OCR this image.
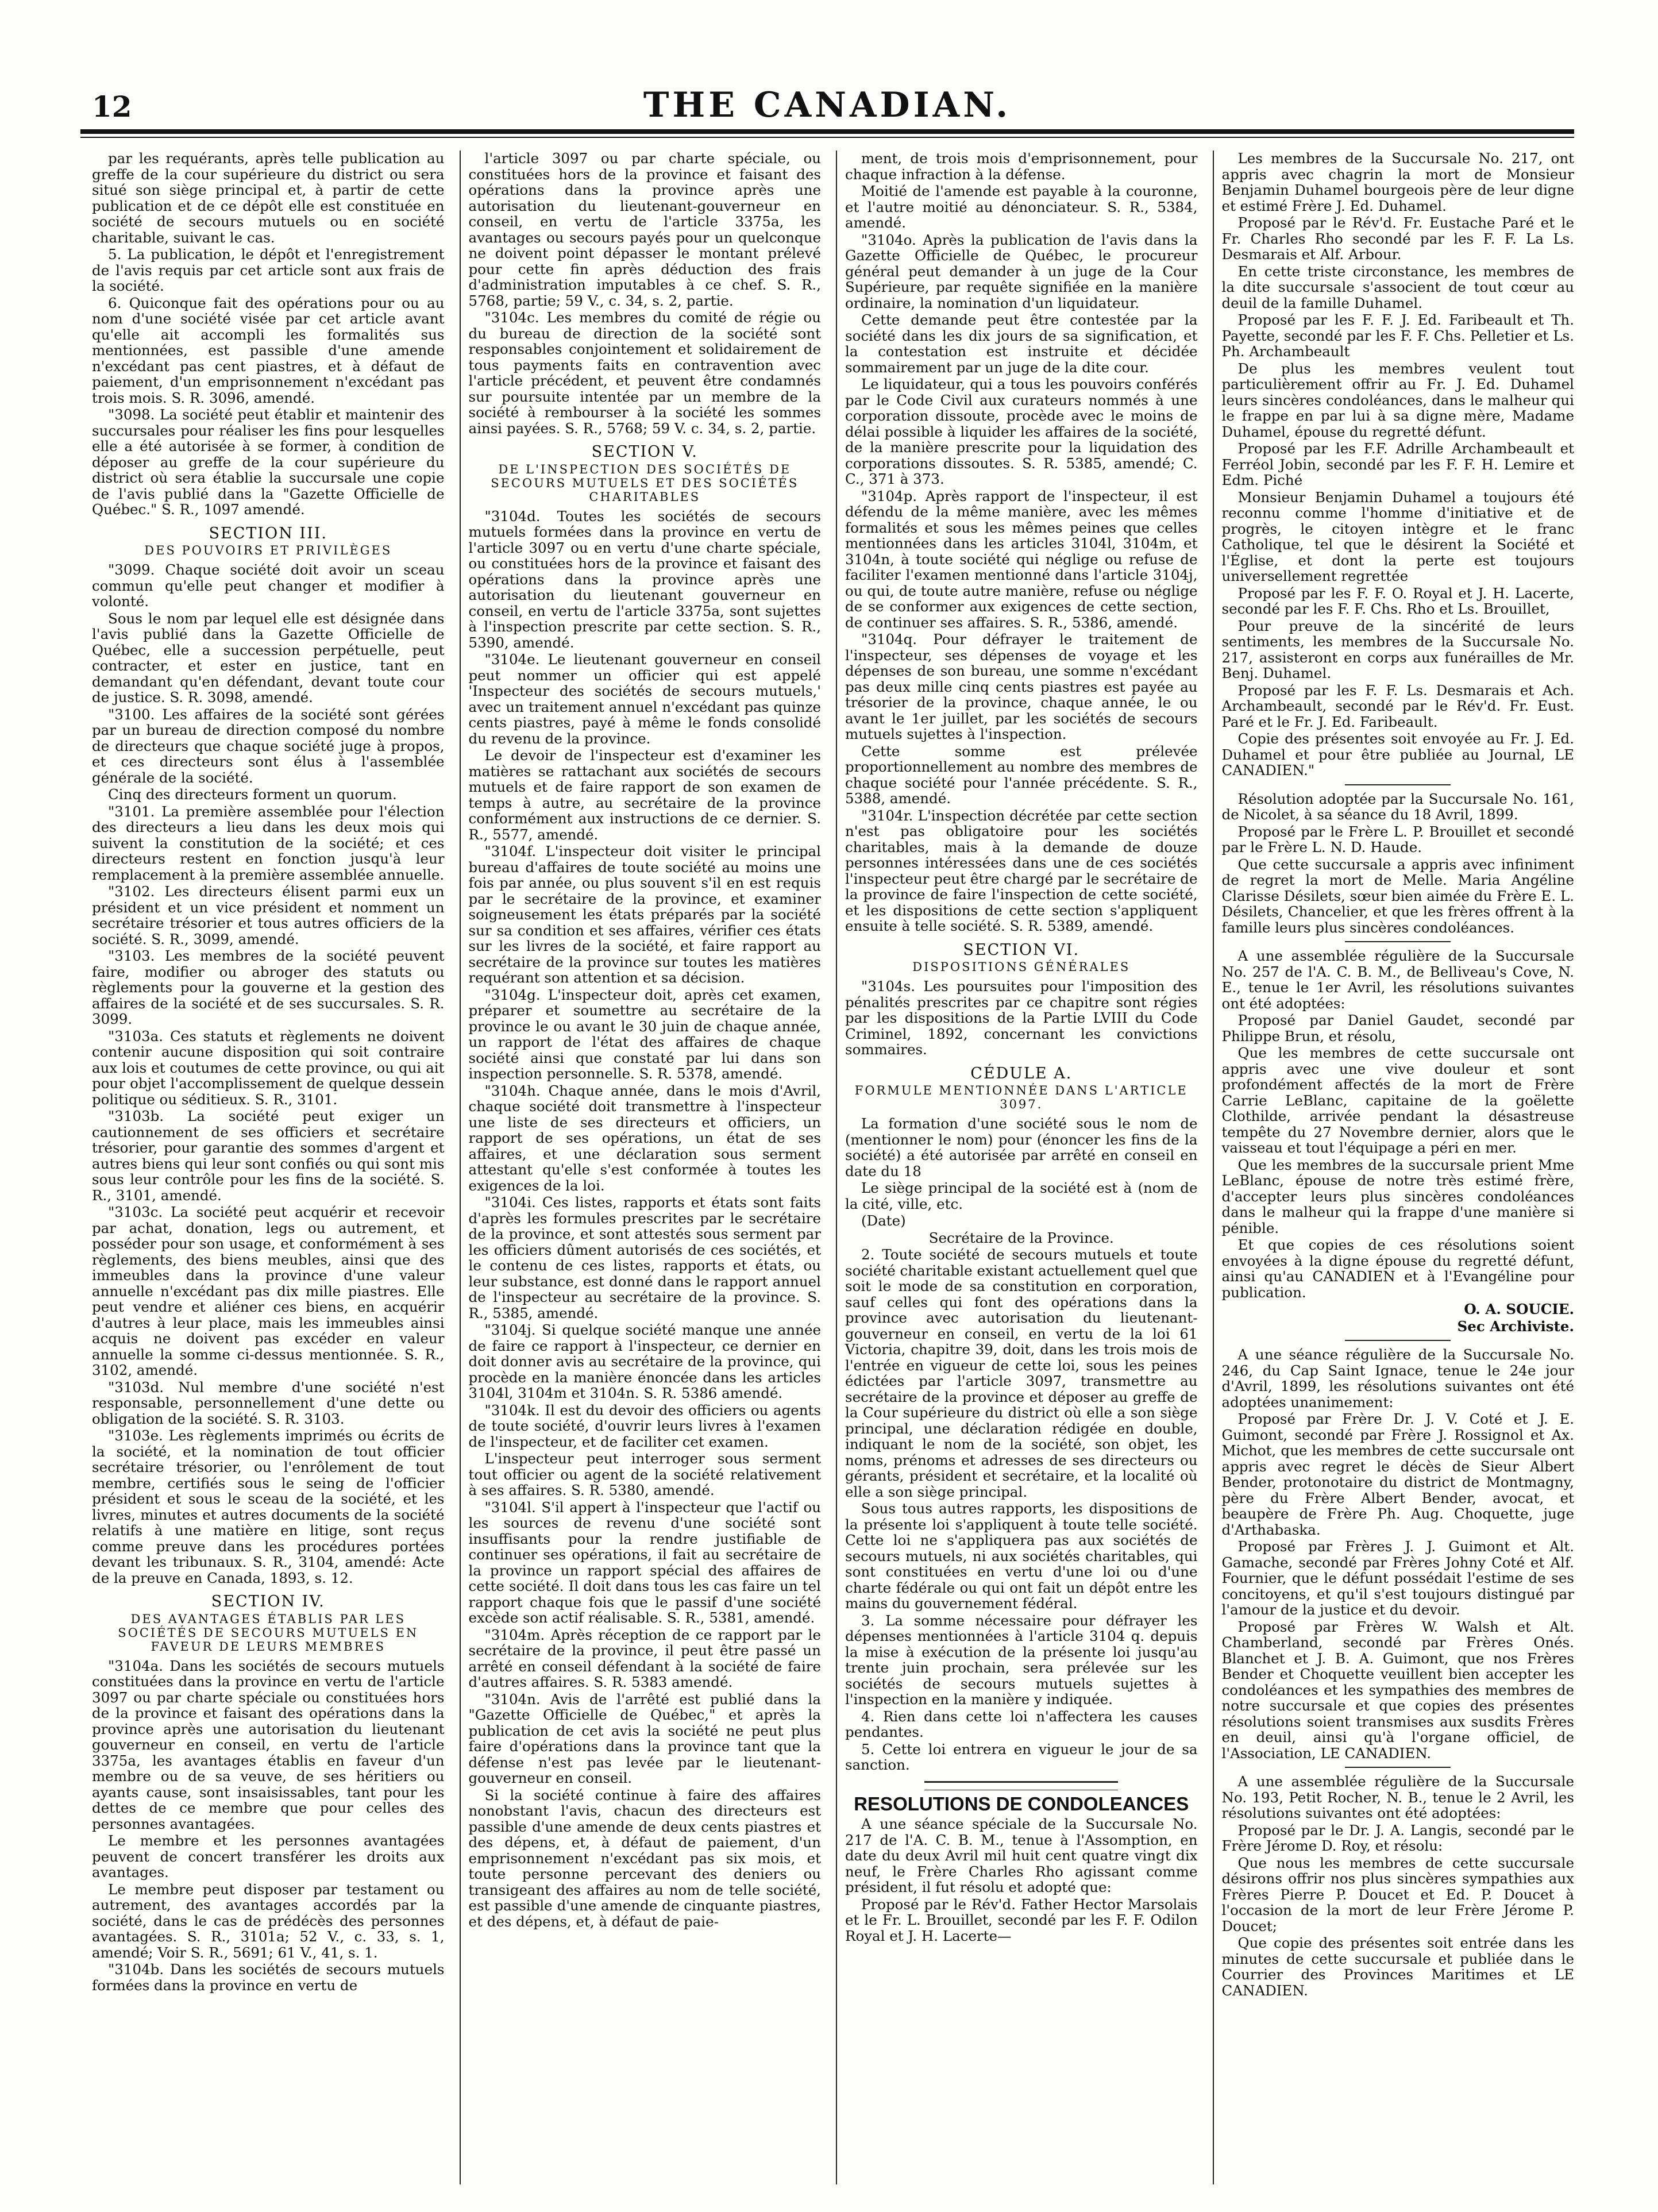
12	THE CANADIAN.

par les requérants, après telle publication au greffe de la cour supérieure du district ou sera situé son siège principal et, à partir de cette publication et de ce dépôt elle est constituée en société de secours mutuels ou en société charitable, suivant le cas.

5. La publication, le dépôt et l'enregistrement de l'avis requis par cet article sont aux frais de la société.

6. Quiconque fait des opérations pour ou au nom d'une société visée par cet article avant qu'elle ait accompli les formalités sus mentionnées, est passible d'une amende n'excédant pas cent piastres, et à défaut de paiement, d'un emprisonnement n'excédant pas trois mois. S. R. 3096, amendé.

"3098. La société peut établir et maintenir des succursales pour réaliser les fins pour lesquelles elle a été autorisée à se former, à condition de déposer au greffe de la cour supérieure du district où sera établie la succursale une copie de l'avis publié dans la "Gazette Officielle de Québec." S. R., 1097 amendé.

SECTION III.
DES POUVOIRS ET PRIVILÈGES

"3099. Chaque société doit avoir un sceau commun qu'elle peut changer et modifier à volonté.

Sous le nom par lequel elle est désignée dans l'avis publié dans la Gazette Officielle de Québec, elle a succession perpétuelle, peut contracter, et ester en justice, tant en demandant qu'en défendant, devant toute cour de justice. S. R. 3098, amendé.

"3100. Les affaires de la société sont gérées par un bureau de direction composé du nombre de directeurs que chaque société juge à propos, et ces directeurs sont élus à l'assemblée générale de la société.

Cinq des directeurs forment un quorum.

"3101. La première assemblée pour l'élection des directeurs a lieu dans les deux mois qui suivent la constitution de la société; et ces directeurs restent en fonction jusqu'à leur remplacement à la première assemblée annuelle.

"3102. Les directeurs élisent parmi eux un président et un vice président et nomment un secrétaire trésorier et tous autres officiers de la société. S. R., 3099, amendé.

"3103. Les membres de la société peuvent faire, modifier ou abroger des statuts ou règlements pour la gouverne et la gestion des affaires de la société et de ses succursales. S. R. 3099.

"3103a. Ces statuts et règlements ne doivent contenir aucune disposition qui soit contraire aux lois et coutumes de cette province, ou qui ait pour objet l'accomplissement de quelque dessein politique ou séditieux. S. R., 3101.

"3103b. La société peut exiger un cautionnement de ses officiers et secrétaire trésorier, pour garantie des sommes d'argent et autres biens qui leur sont confiés ou qui sont mis sous leur contrôle pour les fins de la société. S. R., 3101, amendé.

"3103c. La société peut acquérir et recevoir par achat, donation, legs ou autrement, et posséder pour son usage, et conformément à ses règlements, des biens meubles, ainsi que des immeubles dans la province d'une valeur annuelle n'excédant pas dix mille piastres. Elle peut vendre et aliéner ces biens, en acquérir d'autres à leur place, mais les immeubles ainsi acquis ne doivent pas excéder en valeur annuelle la somme ci-dessus mentionnée. S. R., 3102, amendé.

"3103d. Nul membre d'une société n'est responsable, personnellement d'une dette ou obligation de la société. S. R. 3103.

"3103e. Les règlements imprimés ou écrits de la société, et la nomination de tout officier secrétaire trésorier, ou l'enrôlement de tout membre, certifiés sous le seing de l'officier président et sous le sceau de la société, et les livres, minutes et autres documents de la société relatifs à une matière en litige, sont reçus comme preuve dans les procédures portées devant les tribunaux. S. R., 3104, amendé: Acte de la preuve en Canada, 1893, s. 12.

SECTION IV.
DES AVANTAGES ÉTABLIS PAR LES SOCIÉTÉS DE SECOURS MUTUELS EN FAVEUR DE LEURS MEMBRES

"3104a. Dans les sociétés de secours mutuels constituées dans la province en vertu de l'article 3097 ou par charte spéciale ou constituées hors de la province et faisant des opérations dans la province après une autorisation du lieutenant gouverneur en conseil, en vertu de l'article 3375a, les avantages établis en faveur d'un membre ou de sa veuve, de ses héritiers ou ayants cause, sont insaisissables, tant pour les dettes de ce membre que pour celles des personnes avantagées.

Le membre et les personnes avantagées peuvent de concert transférer les droits aux avantages.

Le membre peut disposer par testament ou autrement, des avantages accordés par la société, dans le cas de prédécès des personnes avantagées. S. R., 3101a; 52 V., c. 33, s. 1, amendé; Voir S. R., 5691; 61 V., 41, s. 1.

"3104b. Dans les sociétés de secours mutuels formées dans la province en vertu de

l'article 3097 ou par charte spéciale, ou constituées hors de la province et faisant des opérations dans la province après une autorisation du lieutenant-gouverneur en conseil, en vertu de l'article 3375a, les avantages ou secours payés pour un quelconque ne doivent point dépasser le montant prélevé pour cette fin après déduction des frais d'administration imputables à ce chef. S. R., 5768, partie; 59 V., c. 34, s. 2, partie.

"3104c. Les membres du comité de régie ou du bureau de direction de la société sont responsables conjointement et solidairement de tous payments faits en contravention avec l'article précédent, et peuvent être condamnés sur poursuite intentée par un membre de la société à rembourser à la société les sommes ainsi payées. S. R., 5768; 59 V. c. 34, s. 2, partie.

SECTION V.
DE L'INSPECTION DES SOCIÉTÉS DE SECOURS MUTUELS ET DES SOCIÉTÉS CHARITABLES

"3104d. Toutes les sociétés de secours mutuels formées dans la province en vertu de l'article 3097 ou en vertu d'une charte spéciale, ou constituées hors de la province et faisant des opérations dans la province après une autorisation du lieutenant gouverneur en conseil, en vertu de l'article 3375a, sont sujettes à l'inspection prescrite par cette section. S. R., 5390, amendé.

"3104e. Le lieutenant gouverneur en conseil peut nommer un officier qui est appelé 'Inspecteur des sociétés de secours mutuels,' avec un traitement annuel n'excédant pas quinze cents piastres, payé à même le fonds consolidé du revenu de la province.

Le devoir de l'inspecteur est d'examiner les matières se rattachant aux sociétés de secours mutuels et de faire rapport de son examen de temps à autre, au secrétaire de la province conformément aux instructions de ce dernier. S. R., 5577, amendé.

"3104f. L'inspecteur doit visiter le principal bureau d'affaires de toute société au moins une fois par année, ou plus souvent s'il en est requis par le secrétaire de la province, et examiner soigneusement les états préparés par la société sur sa condition et ses affaires, vérifier ces états sur les livres de la société, et faire rapport au secrétaire de la province sur toutes les matières requérant son attention et sa décision.

"3104g. L'inspecteur doit, après cet examen, préparer et soumettre au secrétaire de la province le ou avant le 30 juin de chaque année, un rapport de l'état des affaires de chaque société ainsi que constaté par lui dans son inspection personnelle. S. R. 5378, amendé.

"3104h. Chaque année, dans le mois d'Avril, chaque société doit transmettre à l'inspecteur une liste de ses directeurs et officiers, un rapport de ses opérations, un état de ses affaires, et une déclaration sous serment attestant qu'elle s'est conformée à toutes les exigences de la loi.

"3104i. Ces listes, rapports et états sont faits d'après les formules prescrites par le secrétaire de la province, et sont attestés sous serment par les officiers dûment autorisés de ces sociétés, et le contenu de ces listes, rapports et états, ou leur substance, est donné dans le rapport annuel de l'inspecteur au secrétaire de la province. S. R., 5385, amendé.

"3104j. Si quelque société manque une année de faire ce rapport à l'inspecteur, ce dernier en doit donner avis au secrétaire de la province, qui procède en la manière énoncée dans les articles 3104l, 3104m et 3104n. S. R. 5386 amendé.

"3104k. Il est du devoir des officiers ou agents de toute société, d'ouvrir leurs livres à l'examen de l'inspecteur, et de faciliter cet examen.

L'inspecteur peut interroger sous serment tout officier ou agent de la société relativement à ses affaires. S. R. 5380, amendé.

"3104l. S'il appert à l'inspecteur que l'actif ou les sources de revenu d'une société sont insuffisants pour la rendre justifiable de continuer ses opérations, il fait au secrétaire de la province un rapport spécial des affaires de cette société. Il doit dans tous les cas faire un tel rapport chaque fois que le passif d'une société excède son actif réalisable. S. R., 5381, amendé.

"3104m. Après réception de ce rapport par le secrétaire de la province, il peut être passé un arrêté en conseil défendant à la société de faire d'autres affaires. S. R. 5383 amendé.

"3104n. Avis de l'arrêté est publié dans la "Gazette Officielle de Québec," et après la publication de cet avis la société ne peut plus faire d'opérations dans la province tant que la défense n'est pas levée par le lieutenant-gouverneur en conseil.

Si la société continue à faire des affaires nonobstant l'avis, chacun des directeurs est passible d'une amende de deux cents piastres et des dépens, et, à défaut de paiement, d'un emprisonnement n'excédant pas six mois, et toute personne percevant des deniers ou transigeant des affaires au nom de telle société, est passible d'une amende de cinquante piastres, et des dépens, et, à défaut de paie-

ment, de trois mois d'emprisonnement, pour chaque infraction à la défense.

Moitié de l'amende est payable à la couronne, et l'autre moitié au dénonciateur. S. R., 5384, amendé.

"3104o. Après la publication de l'avis dans la Gazette Officielle de Québec, le procureur général peut demander à un juge de la Cour Supérieure, par requête signifiée en la manière ordinaire, la nomination d'un liquidateur.

Cette demande peut être contestée par la société dans les dix jours de sa signification, et la contestation est instruite et décidée sommairement par un juge de la dite cour.

Le liquidateur, qui a tous les pouvoirs conférés par le Code Civil aux curateurs nommés à une corporation dissoute, procède avec le moins de délai possible à liquider les affaires de la société, de la manière prescrite pour la liquidation des corporations dissoutes. S. R. 5385, amendé; C. C., 371 à 373.

"3104p. Après rapport de l'inspecteur, il est défendu de la même manière, avec les mêmes formalités et sous les mêmes peines que celles mentionnées dans les articles 3104l, 3104m, et 3104n, à toute société qui néglige ou refuse de faciliter l'examen mentionné dans l'article 3104j, ou qui, de toute autre manière, refuse ou néglige de se conformer aux exigences de cette section, de continuer ses affaires. S. R., 5386, amendé.

"3104q. Pour défrayer le traitement de l'inspecteur, ses dépenses de voyage et les dépenses de son bureau, une somme n'excédant pas deux mille cinq cents piastres est payée au trésorier de la province, chaque année, le ou avant le 1er juillet, par les sociétés de secours mutuels sujettes à l'inspection.

Cette somme est prélevée proportionnellement au nombre des membres de chaque société pour l'année précédente. S. R., 5388, amendé.

"3104r. L'inspection décrétée par cette section n'est pas obligatoire pour les sociétés charitables, mais à la demande de douze personnes intéressées dans une de ces sociétés l'inspecteur peut être chargé par le secrétaire de la province de faire l'inspection de cette société, et les dispositions de cette section s'appliquent ensuite à telle société. S. R. 5389, amendé.

SECTION VI.
DISPOSITIONS GÉNÉRALES

"3104s. Les poursuites pour l'imposition des pénalités prescrites par ce chapitre sont régies par les dispositions de la Partie LVIII du Code Criminel, 1892, concernant les convictions sommaires.

CÉDULE A.
FORMULE MENTIONNÉE DANS L'ARTICLE 3097.

La formation d'une société sous le nom de (mentionner le nom) pour (énoncer les fins de la société) a été autorisée par arrêté en conseil en date du 18

Le siège principal de la société est à (nom de la cité, ville, etc.

(Date)

Secrétaire de la Province.

2. Toute société de secours mutuels et toute société charitable existant actuellement quel que soit le mode de sa constitution en corporation, sauf celles qui font des opérations dans la province avec autorisation du lieutenant-gouverneur en conseil, en vertu de la loi 61 Victoria, chapitre 39, doit, dans les trois mois de l'entrée en vigueur de cette loi, sous les peines édictées par l'article 3097, transmettre au secrétaire de la province et déposer au greffe de la Cour supérieure du district où elle a son siège principal, une déclaration rédigée en double, indiquant le nom de la société, son objet, les noms, prénoms et adresses de ses directeurs ou gérants, président et secrétaire, et la localité où elle a son siège principal.

Sous tous autres rapports, les dispositions de la présente loi s'appliquent à toute telle société. Cette loi ne s'appliquera pas aux sociétés de secours mutuels, ni aux sociétés charitables, qui sont constituées en vertu d'une loi ou d'une charte fédérale ou qui ont fait un dépôt entre les mains du gouvernement fédéral.

3. La somme nécessaire pour défrayer les dépenses mentionnées à l'article 3104 q. depuis la mise à exécution de la présente loi jusqu'au trente juin prochain, sera prélevée sur les sociétés de secours mutuels sujettes à l'inspection en la manière y indiquée.

4. Rien dans cette loi n'affectera les causes pendantes.

5. Cette loi entrera en vigueur le jour de sa sanction.

RESOLUTIONS DE CONDOLEANCES

A une séance spéciale de la Succursale No. 217 de l'A. C. B. M., tenue à l'Assomption, en date du deux Avril mil huit cent quatre vingt dix neuf, le Frère Charles Rho agissant comme président, il fut résolu et adopté que:

Proposé par le Rév'd. Father Hector Marsolais et le Fr. L. Brouillet, secondé par les F. F. Odilon Royal et J. H. Lacerte—

Les membres de la Succursale No. 217, ont appris avec chagrin la mort de Monsieur Benjamin Duhamel bourgeois père de leur digne et estimé Frère J. Ed. Duhamel.

Proposé par le Rév'd. Fr. Eustache Paré et le Fr. Charles Rho secondé par les F. F. La Ls. Desmarais et Alf. Arbour.

En cette triste circonstance, les membres de la dite succursale s'associent de tout cœur au deuil de la famille Duhamel.

Proposé par les F. F. J. Ed. Faribeault et Th. Payette, secondé par les F. F. Chs. Pelletier et Ls. Ph. Archambeault

De plus les membres veulent tout particulièrement offrir au Fr. J. Ed. Duhamel leurs sincères condoléances, dans le malheur qui le frappe en par lui à sa digne mère, Madame Duhamel, épouse du regretté défunt.

Proposé par les F.F. Adrille Archambeault et Ferréol Jobin, secondé par les F. F. H. Lemire et Edm. Piché

Monsieur Benjamin Duhamel a toujours été reconnu comme l'homme d'initiative et de progrès, le citoyen intègre et le franc Catholique, tel que le désirent la Société et l'Église, et dont la perte est toujours universellement regrettée

Proposé par les F. F. O. Royal et J. H. Lacerte, secondé par les F. F. Chs. Rho et Ls. Brouillet,

Pour preuve de la sincérité de leurs sentiments, les membres de la Succursale No. 217, assisteront en corps aux funérailles de Mr. Benj. Duhamel.

Proposé par les F. F. Ls. Desmarais et Ach. Archambeault, secondé par le Rév'd. Fr. Eust. Paré et le Fr. J. Ed. Faribeault.

Copie des présentes soit envoyée au Fr. J. Ed. Duhamel et pour être publiée au Journal, LE CANADIEN."

Résolution adoptée par la Succursale No. 161, de Nicolet, à sa séance du 18 Avril, 1899.

Proposé par le Frère L. P. Brouillet et secondé par le Frère L. N. D. Haude.

Que cette succursale a appris avec infiniment de regret la mort de Melle. Maria Angéline Clarisse Désilets, sœur bien aimée du Frère E. L. Désilets, Chancelier, et que les frères offrent à la famille leurs plus sincères condoléances.

A une assemblée régulière de la Succursale No. 257 de l'A. C. B. M., de Belliveau's Cove, N. E., tenue le 1er Avril, les résolutions suivantes ont été adoptées:

Proposé par Daniel Gaudet, secondé par Philippe Brun, et résolu,

Que les membres de cette succursale ont appris avec une vive douleur et sont profondément affectés de la mort de Frère Carrie LeBlanc, capitaine de la goëlette Clothilde, arrivée pendant la désastreuse tempête du 27 Novembre dernier, alors que le vaisseau et tout l'équipage a péri en mer.

Que les membres de la succursale prient Mme LeBlanc, épouse de notre très estimé frère, d'accepter leurs plus sincères condoléances dans le malheur qui la frappe d'une manière si pénible.

Et que copies de ces résolutions soient envoyées à la digne épouse du regretté défunt, ainsi qu'au CANADIEN et à l'Evangéline pour publication.

O. A. SOUCIE.

Sec Archiviste.

A une séance régulière de la Succursale No. 246, du Cap Saint Ignace, tenue le 24e jour d'Avril, 1899, les résolutions suivantes ont été adoptées unanimement:

Proposé par Frère Dr. J. V. Coté et J. E. Guimont, secondé par Frère J. Rossignol et Ax. Michot, que les membres de cette succursale ont appris avec regret le décès de Sieur Albert Bender, protonotaire du district de Montmagny, père du Frère Albert Bender, avocat, et beaupère de Frère Ph. Aug. Choquette, juge d'Arthabaska.

Proposé par Frères J. J. Guimont et Alt. Gamache, secondé par Frères Johny Coté et Alf. Fournier, que le défunt possédait l'estime de ses concitoyens, et qu'il s'est toujours distingué par l'amour de la justice et du devoir.

Proposé par Frères W. Walsh et Alt. Chamberland, secondé par Frères Onés. Blanchet et J. B. A. Guimont, que nos Frères Bender et Choquette veuillent bien accepter les condoléances et les sympathies des membres de notre succursale et que copies des présentes résolutions soient transmises aux susdits Frères en deuil, ainsi qu'à l'organe officiel, de l'Association, LE CANADIEN.

A une assemblée régulière de la Succursale No. 193, Petit Rocher, N. B., tenue le 2 Avril, les résolutions suivantes ont été adoptées:

Proposé par le Dr. J. A. Langis, secondé par le Frère Jérome D. Roy, et résolu:

Que nous les membres de cette succursale désirons offrir nos plus sincères sympathies aux Frères Pierre P. Doucet et Ed. P. Doucet à l'occasion de la mort de leur Frère Jérome P. Doucet;

Que copie des présentes soit entrée dans les minutes de cette succursale et publiée dans le Courrier des Provinces Maritimes et LE CANADIEN.
